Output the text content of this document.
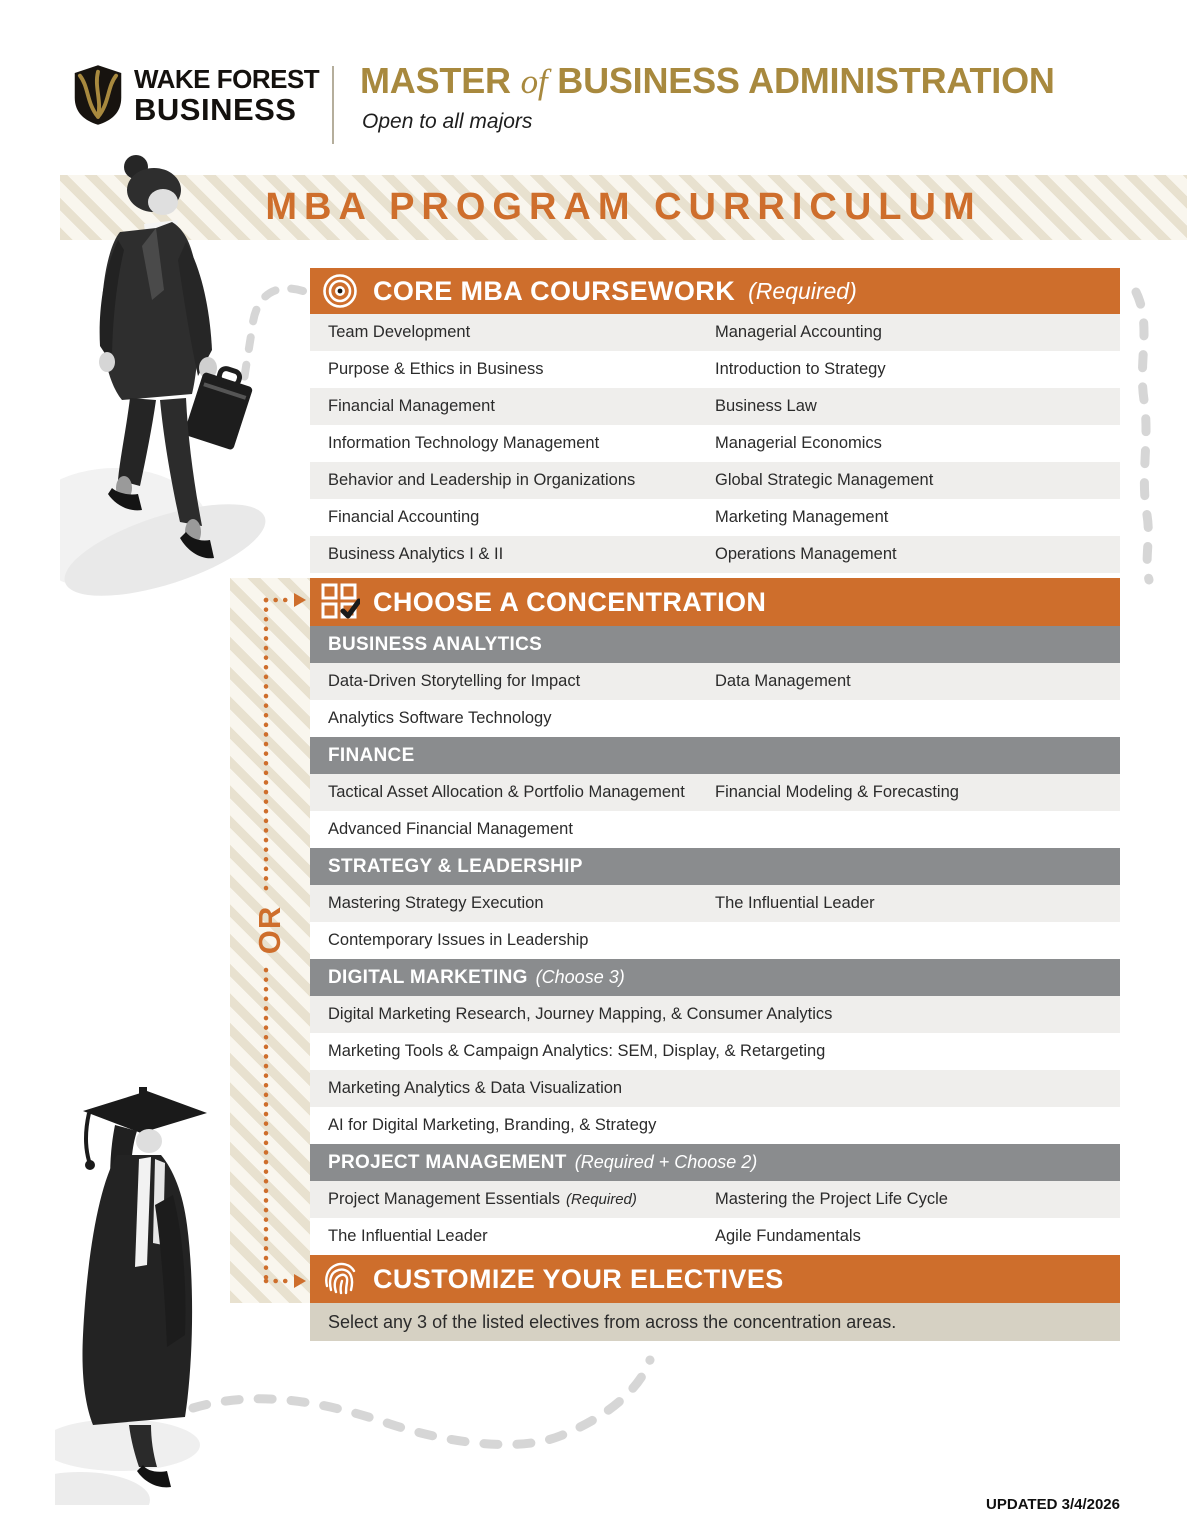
WAKE FOREST
BUSINESS
MASTER of BUSINESS ADMINISTRATION

Open to all majors

MBA PROGRAM CURRICULUM
OR
CORE MBA COURSEWORK (Required)
Team Development	Managerial Accounting
Purpose & Ethics in Business	Introduction to Strategy
Financial Management	Business Law
Information Technology Management	Managerial Economics
Behavior and Leadership in Organizations	Global Strategic Management
Financial Accounting	Marketing Management
Business Analytics I & II	Operations Management
CHOOSE A CONCENTRATION
BUSINESS ANALYTICS
Data-Driven Storytelling for Impact	Data Management
Analytics Software Technology
FINANCE
Tactical Asset Allocation & Portfolio Management	Financial Modeling & Forecasting
Advanced Financial Management
STRATEGY & LEADERSHIP
Mastering Strategy Execution	The Influential Leader
Contemporary Issues in Leadership
DIGITAL MARKETING (Choose 3)
Digital Marketing Research, Journey Mapping, & Consumer Analytics
Marketing Tools & Campaign Analytics: SEM, Display, & Retargeting
Marketing Analytics & Data Visualization
AI for Digital Marketing, Branding, & Strategy
PROJECT MANAGEMENT (Required + Choose 2)
Project Management Essentials (Required)	Mastering the Project Life Cycle
The Influential Leader	Agile Fundamentals
CUSTOMIZE YOUR ELECTIVES
Select any 3 of the listed electives from across the concentration areas.
UPDATED 3/4/2026
